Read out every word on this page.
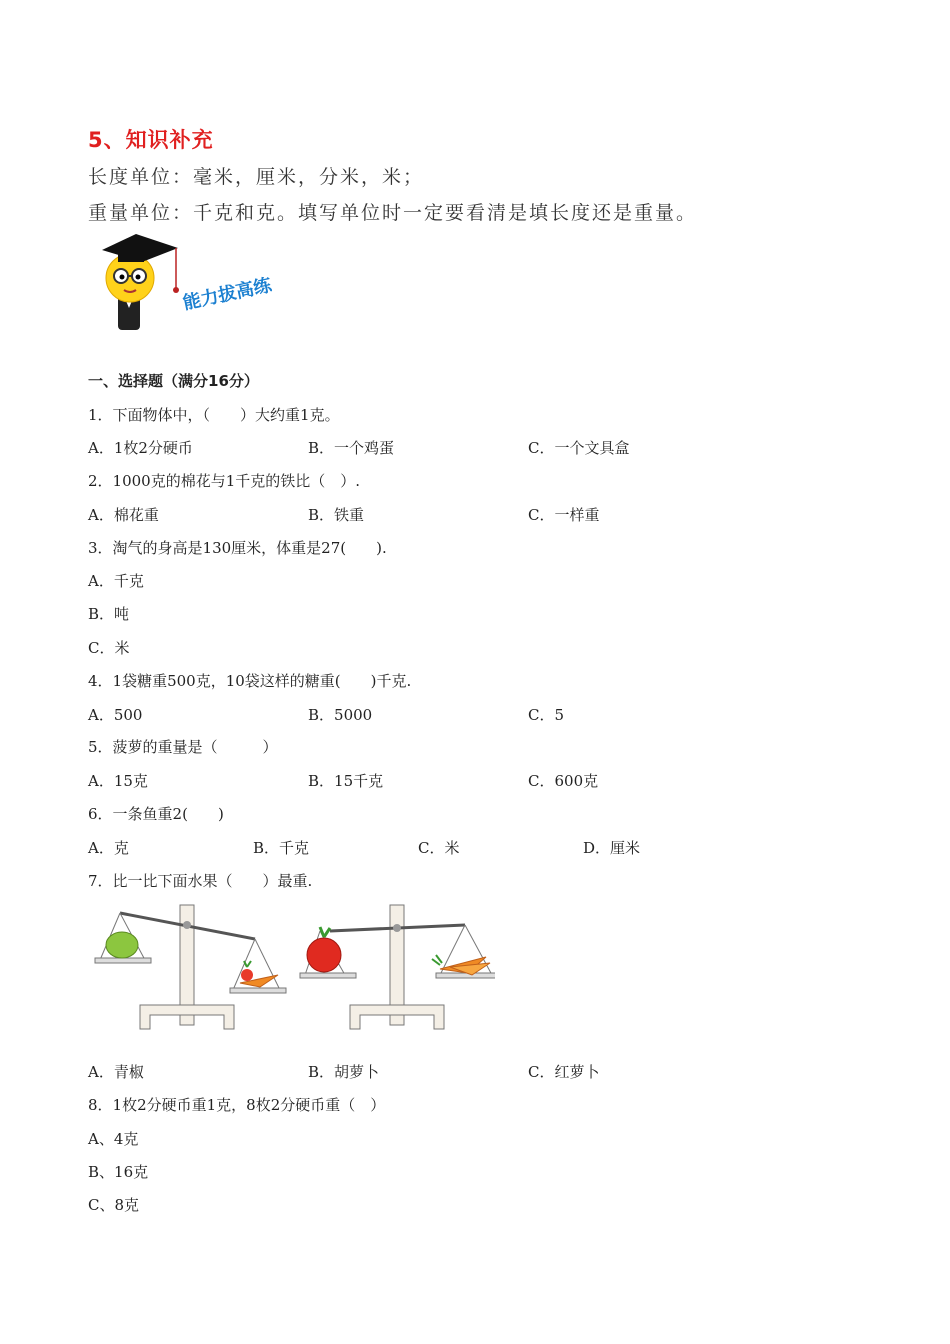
5、知识补充
长度单位：毫米，厘米，分米，米；
重量单位：千克和克。填写单位时一定要看清是填长度还是重量。
能力拔高练
一、选择题（满分16分）
1．下面物体中，（　　）大约重1克。
A．1枚2分硬币	B．一个鸡蛋	C．一个文具盒
2．1000克的棉花与1千克的铁比（　）.
A．棉花重	B．铁重	C．一样重
3．淘气的身高是130厘米，体重是27(　　).
A．千克
B．吨
C．米
4．1袋糖重500克，10袋这样的糖重(　　)千克.
A．500	B．5000	C．5
5．菠萝的重量是（　　　）
A．15克	B．15千克	C．600克
6．一条鱼重2(　　)
A．克	B．千克	C．米	D．厘米
7．比一比下面水果（　　）最重.
A．青椒	B．胡萝卜	C．红萝卜
8．1枚2分硬币重1克，8枚2分硬币重（　）
A、4克
B、16克
C、8克
